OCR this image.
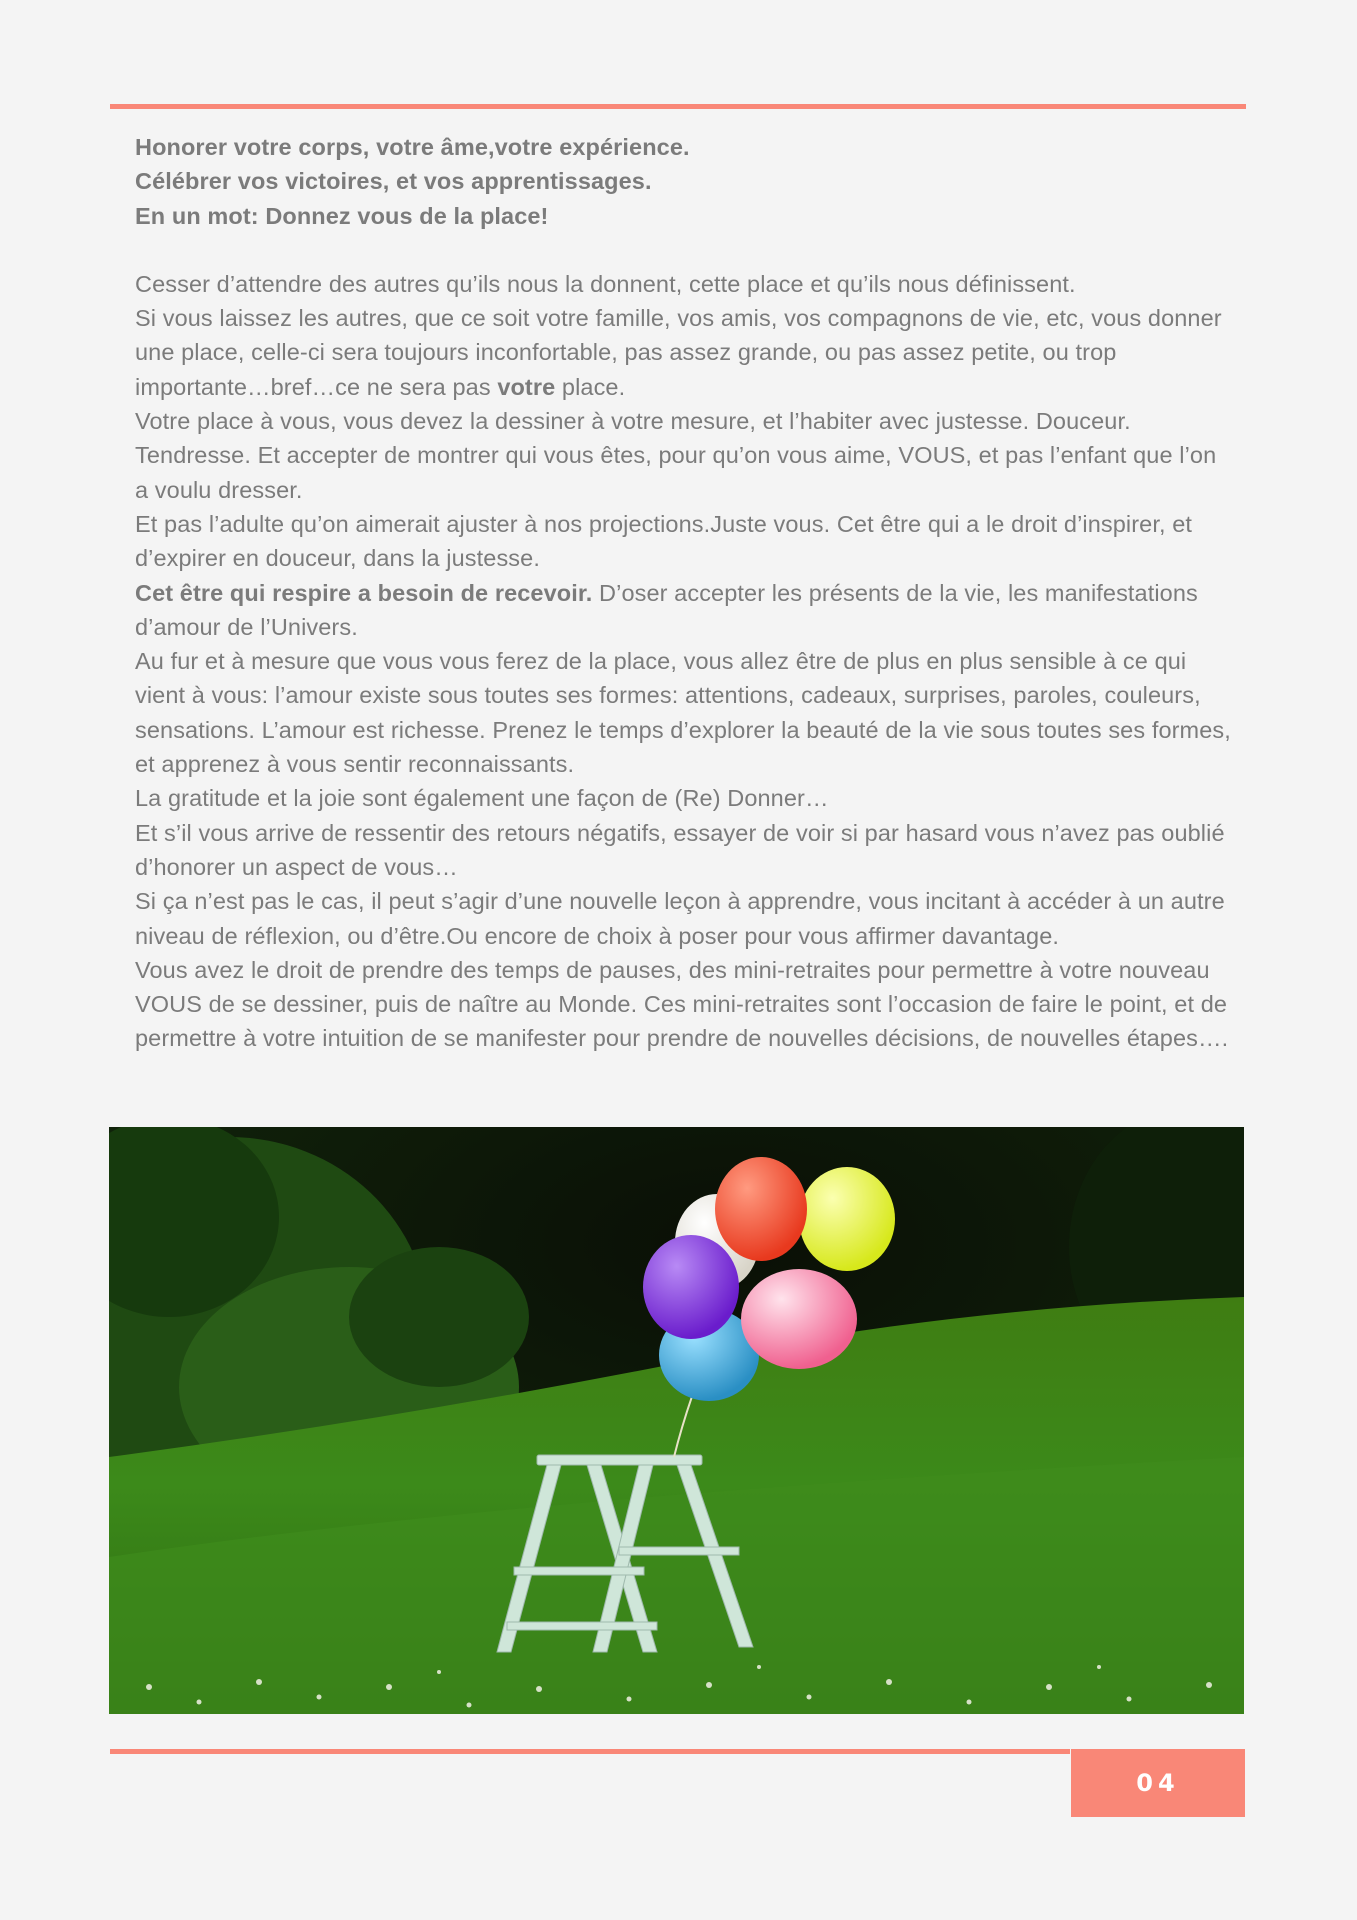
Honorer votre corps, votre âme,votre expérience.

Célébrer vos victoires, et vos apprentissages.

En un mot: Donnez vous de la place!

Cesser d’attendre des autres qu’ils nous la donnent, cette place et qu’ils nous définissent.

Si vous laissez les autres, que ce soit votre famille, vos amis, vos compagnons de vie, etc, vous donner une place, celle-ci sera toujours inconfortable, pas assez grande, ou pas assez petite, ou trop importante…bref…ce ne sera pas votre place.

Votre place à vous, vous devez la dessiner à votre mesure, et l’habiter avec justesse. Douceur. Tendresse. Et accepter de montrer qui vous êtes, pour qu’on vous aime, VOUS, et pas l’enfant que l’on a voulu dresser.

Et pas l’adulte qu’on aimerait ajuster à nos projections.Juste vous. Cet être qui a le droit d’inspirer, et d’expirer en douceur, dans la justesse.

Cet être qui respire a besoin de recevoir. D’oser accepter les présents de la vie, les manifestations d’amour de l’Univers.

Au fur et à mesure que vous vous ferez de la place, vous allez être de plus en plus sensible à ce qui vient à vous: l’amour existe sous toutes ses formes: attentions, cadeaux, surprises, paroles, couleurs, sensations. L’amour est richesse. Prenez le temps d’explorer la beauté de la vie sous toutes ses formes, et apprenez à vous sentir reconnaissants.

La gratitude et la joie sont également une façon de (Re) Donner…

Et s’il vous arrive de ressentir des retours négatifs, essayer de voir si par hasard vous n’avez pas oublié d’honorer un aspect de vous…

Si ça n’est pas le cas, il peut s’agir d’une nouvelle leçon à apprendre, vous incitant à accéder à un autre niveau de réflexion, ou d’être.Ou encore de choix à poser pour vous affirmer davantage.

Vous avez le droit de prendre des temps de pauses, des mini-retraites pour permettre à votre nouveau VOUS de se dessiner, puis de naître au Monde. Ces mini-retraites sont l’occasion de faire le point, et de permettre à votre intuition de se manifester pour prendre de nouvelles décisions, de nouvelles étapes….

04
